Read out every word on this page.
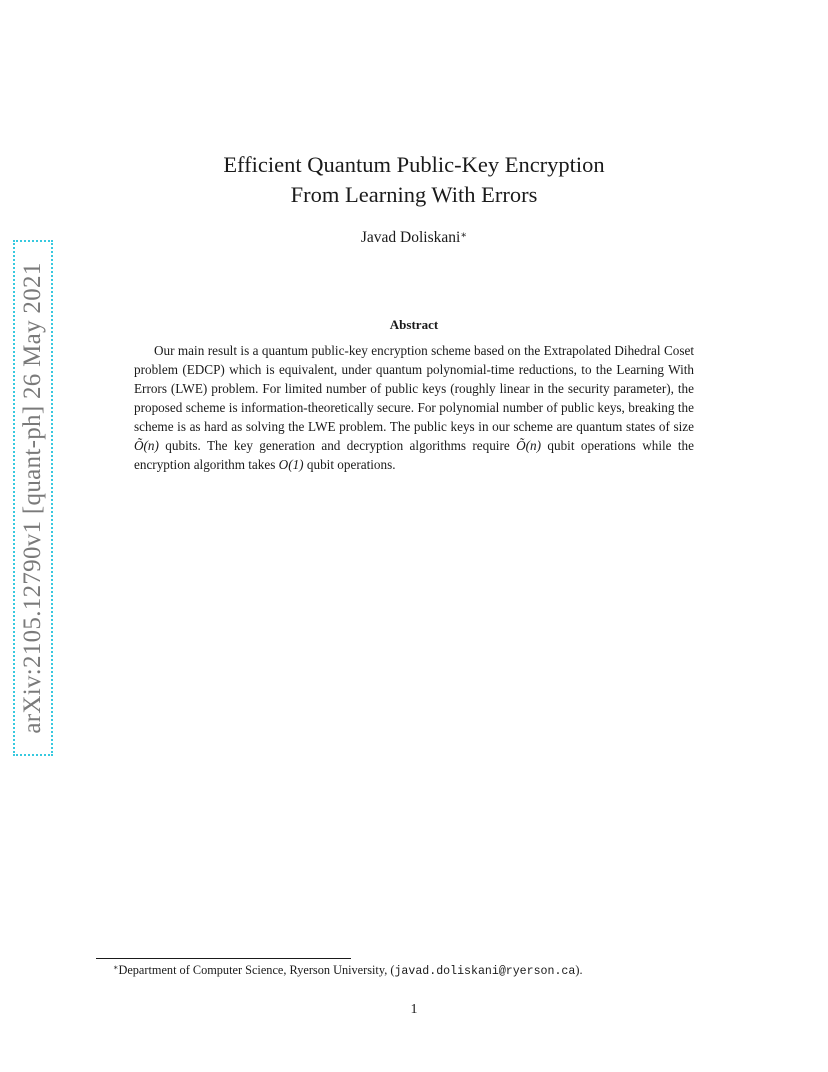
arXiv:2105.12790v1 [quant-ph] 26 May 2021
Efficient Quantum Public-Key Encryption
From Learning With Errors
Javad Doliskani∗
Abstract
Our main result is a quantum public-key encryption scheme based on the Extrapolated Dihedral Coset problem (EDCP) which is equivalent, under quantum polynomial-time reductions, to the Learning With Errors (LWE) problem. For limited number of public keys (roughly linear in the security parameter), the proposed scheme is information-theoretically secure. For polynomial number of public keys, breaking the scheme is as hard as solving the LWE problem. The public keys in our scheme are quantum states of size Õ(n) qubits. The key generation and decryption algorithms require Õ(n) qubit operations while the encryption algorithm takes O(1) qubit operations.
∗Department of Computer Science, Ryerson University, (javad.doliskani@ryerson.ca).
1
